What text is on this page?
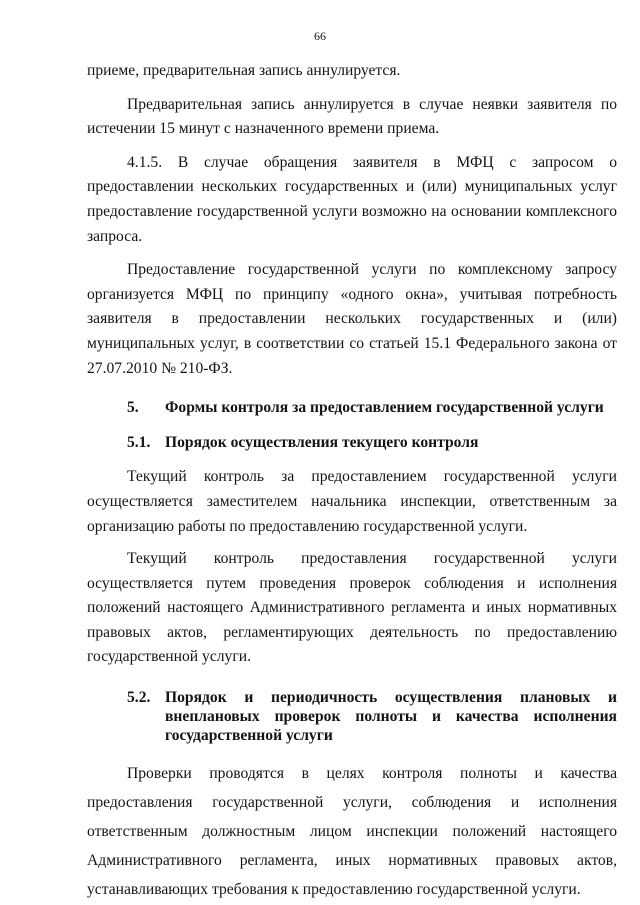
66

приеме, предварительная запись аннулируется.

Предварительная запись аннулируется в случае неявки заявителя по истечении 15 минут с назначенного времени приема.

4.1.5. В случае обращения заявителя в МФЦ с запросом о предоставлении нескольких государственных и (или) муниципальных услуг предоставление государственной услуги возможно на основании комплексного запроса.

Предоставление государственной услуги по комплексному запросу организуется МФЦ по принципу «одного окна», учитывая потребность заявителя в предоставлении нескольких государственных и (или) муниципальных услуг, в соответствии со статьей 15.1 Федерального закона от 27.07.2010 № 210-ФЗ.

5.	Формы контроля за предоставлением государственной услуги
5.1. Порядок осуществления текущего контроля

Текущий контроль за предоставлением государственной услуги осуществляется заместителем начальника инспекции, ответственным за организацию работы по предоставлению государственной услуги.

Текущий контроль предоставления государственной услуги осуществляется путем проведения проверок соблюдения и исполнения положений настоящего Административного регламента и иных нормативных правовых актов, регламентирующих деятельность по предоставлению государственной услуги.

5.2. Порядок и периодичность осуществления плановых и внеплановых проверок полноты и качества исполнения государственной услуги

Проверки проводятся в целях контроля полноты и качества предоставления государственной услуги, соблюдения и исполнения ответственным должностным лицом инспекции положений настоящего Административного регламента, иных нормативных правовых актов, устанавливающих требования к предоставлению государственной услуги.
